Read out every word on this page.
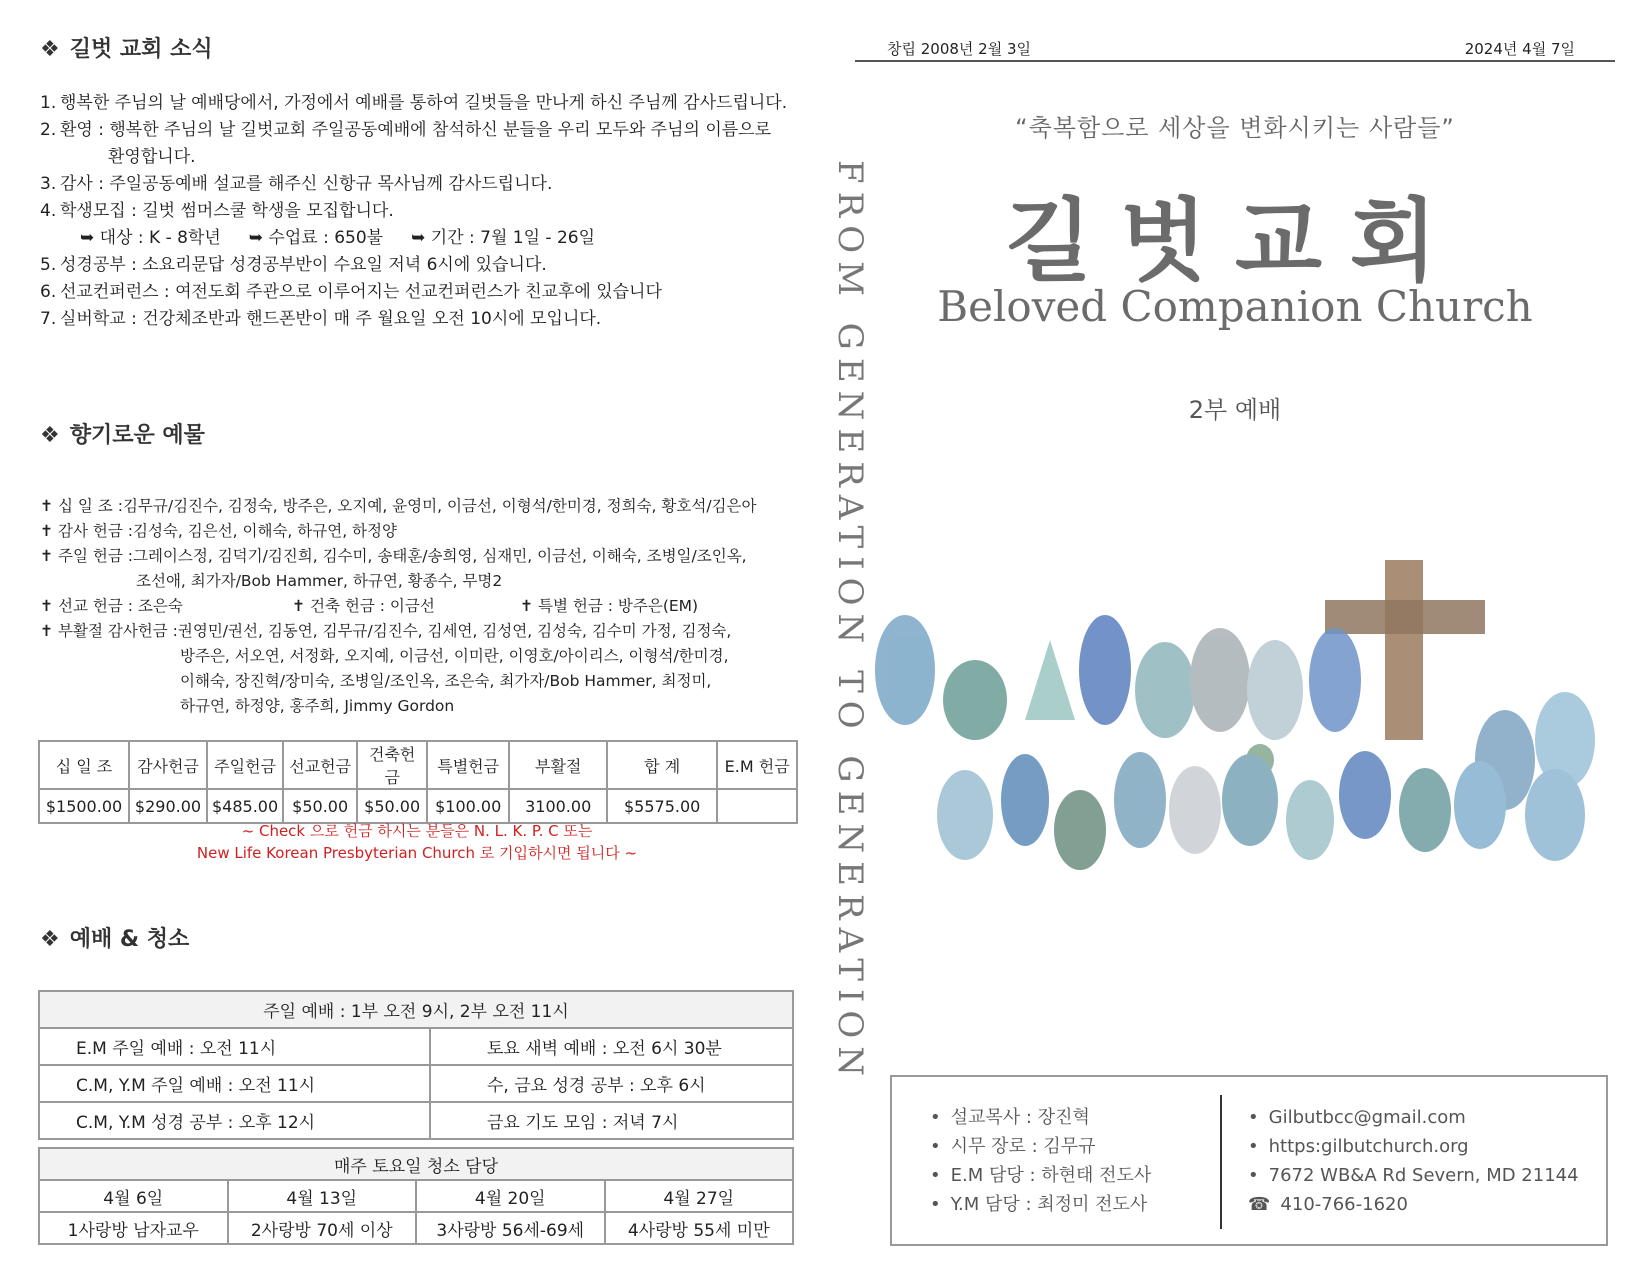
❖ 길벗 교회 소식
1. 행복한 주님의 날 예배당에서, 가정에서 예배를 통하여 길벗들을 만나게 하신 주님께 감사드립니다.
2. 환영 : 행복한 주님의 날 길벗교회 주일공동예배에 참석하신 분들을 우리 모두와 주님의 이름으로
환영합니다.
3. 감사 : 주일공동예배 설교를 해주신 신항규 목사님께 감사드립니다.
4. 학생모집 : 길벗 썸머스쿨 학생을 모집합니다.
➥ 대상 : K - 8학년 ➥ 수업료 : 650불 ➥ 기간 : 7월 1일 - 26일
5. 성경공부 : 소요리문답 성경공부반이 수요일 저녁 6시에 있습니다.
6. 선교컨퍼런스 : 여전도회 주관으로 이루어지는 선교컨퍼런스가 친교후에 있습니다
7. 실버학교 : 건강체조반과 핸드폰반이 매 주 월요일 오전 10시에 모입니다.
❖ 향기로운 예물
✝ 십 일 조 : 김무규/김진수, 김정숙, 방주은, 오지예, 윤영미, 이금선, 이형석/한미경, 정희숙, 황호석/김은아
✝ 감사 헌금 : 김성숙, 김은선, 이해숙, 하규연, 하정양
✝ 주일 헌금 : 그레이스정, 김덕기/김진희, 김수미, 송태훈/송희영, 심재민, 이금선, 이해숙, 조병일/조인옥,
조선애, 최가자/Bob Hammer, 하규연, 황종수, 무명2
✝ 선교 헌금 : 조은숙	✝ 건축 헌금 : 이금선	✝ 특별 헌금 : 방주은(EM)
✝ 부활절 감사헌금 : 권영민/권선, 김동연, 김무규/김진수, 김세연, 김성연, 김성숙, 김수미 가정, 김정숙,
방주은, 서오연, 서정화, 오지예, 이금선, 이미란, 이영호/아이리스, 이형석/한미경,
이해숙, 장진혁/장미숙, 조병일/조인옥, 조은숙, 최가자/Bob Hammer, 최정미,
하규연, 하정양, 홍주희, Jimmy Gordon
십 일 조	감사헌금	주일헌금	선교헌금	건축헌금	특별헌금	부활절	합 계	E.M 헌금
$1500.00	$290.00	$485.00	$50.00	$50.00	$100.00	3100.00	$5575.00	
~ Check 으로 헌금 하시는 분들은 N. L. K. P. C 또는
New Life Korean Presbyterian Church 로 기입하시면 됩니다 ~
❖ 예배 & 청소
주일 예배 : 1부 오전 9시, 2부 오전 11시	
E.M 주일 예배 : 오전 11시	토요 새벽 예배 : 오전 6시 30분
C.M, Y.M 주일 예배 : 오전 11시	수, 금요 성경 공부 : 오후 6시
C.M, Y.M 성경 공부 : 오후 12시	금요 기도 모임 : 저녁 7시
매주 토요일 청소 담당			
4월 6일	4월 13일	4월 20일	4월 27일
1사랑방 남자교우	2사랑방 70세 이상	3사랑방 56세-69세	4사랑방 55세 미만
FROM GENERATION TO GENERATION
창립 2008년 2월 3일	2024년 4월 7일
“축복함으로 세상을 변화시키는 사람들”
길벗교회
Beloved Companion Church
2부 예배
• 설교목사 : 장진혁
• 시무 장로 : 김무규
• E.M 담당 : 하현태 전도사
• Y.M 담당 : 최정미 전도사
• Gilbutbcc@gmail.com
• https:gilbutchurch.org
• 7672 WB&A Rd Severn, MD 21144
☎ 410-766-1620
